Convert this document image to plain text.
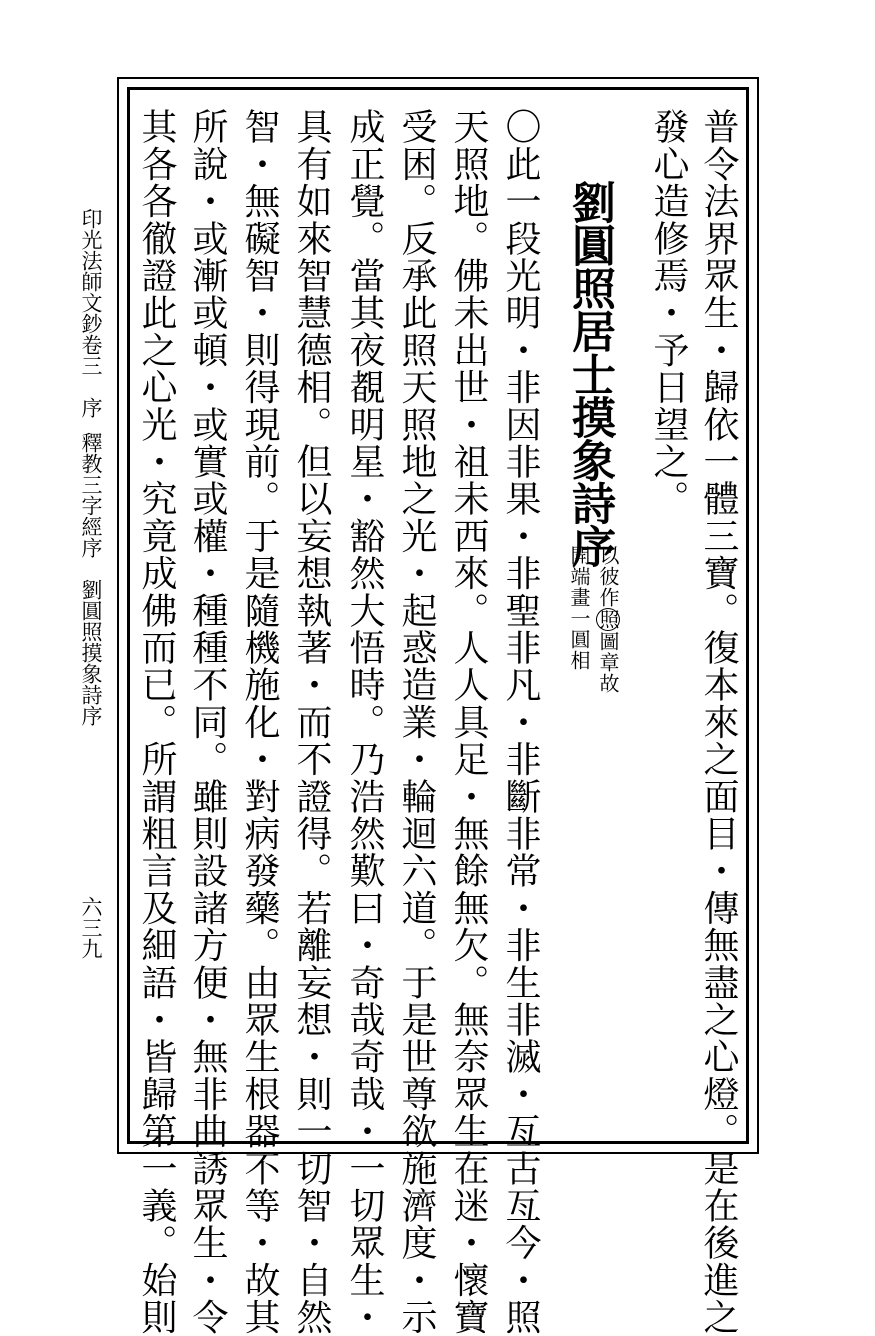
普令法界眾生・歸依一體三寶。復本來之面目・傳無盡之心燈。是在後進之
發心造修焉・予日望之。
劉圓照居士摸象詩序
以彼作照圖章故
開端畫一圓相
〇此一段光明・非因非果・非聖非凡・非斷非常・非生非滅・亙古亙今・照
天照地。佛未出世・祖未西來。人人具足・無餘無欠。無奈眾生在迷・懷寶
受困。反承此照天照地之光・起惑造業・輪迴六道。于是世尊欲施濟度・示
成正覺。當其夜覩明星・豁然大悟時。乃浩然歎曰・奇哉奇哉・一切眾生・
具有如來智慧德相。但以妄想執著・而不證得。若離妄想・則一切智・自然
智・無礙智・則得現前。于是隨機施化・對病發藥。由眾生根器不等・故其
所說・或漸或頓・或實或權・種種不同。雖則設諸方便・無非曲誘眾生・令
其各各徹證此之心光・究竟成佛而已。所謂粗言及細語・皆歸第一義。始則
印光法師文鈔卷三　序
釋教三字經序　劉圓照摸象詩序
六三九
